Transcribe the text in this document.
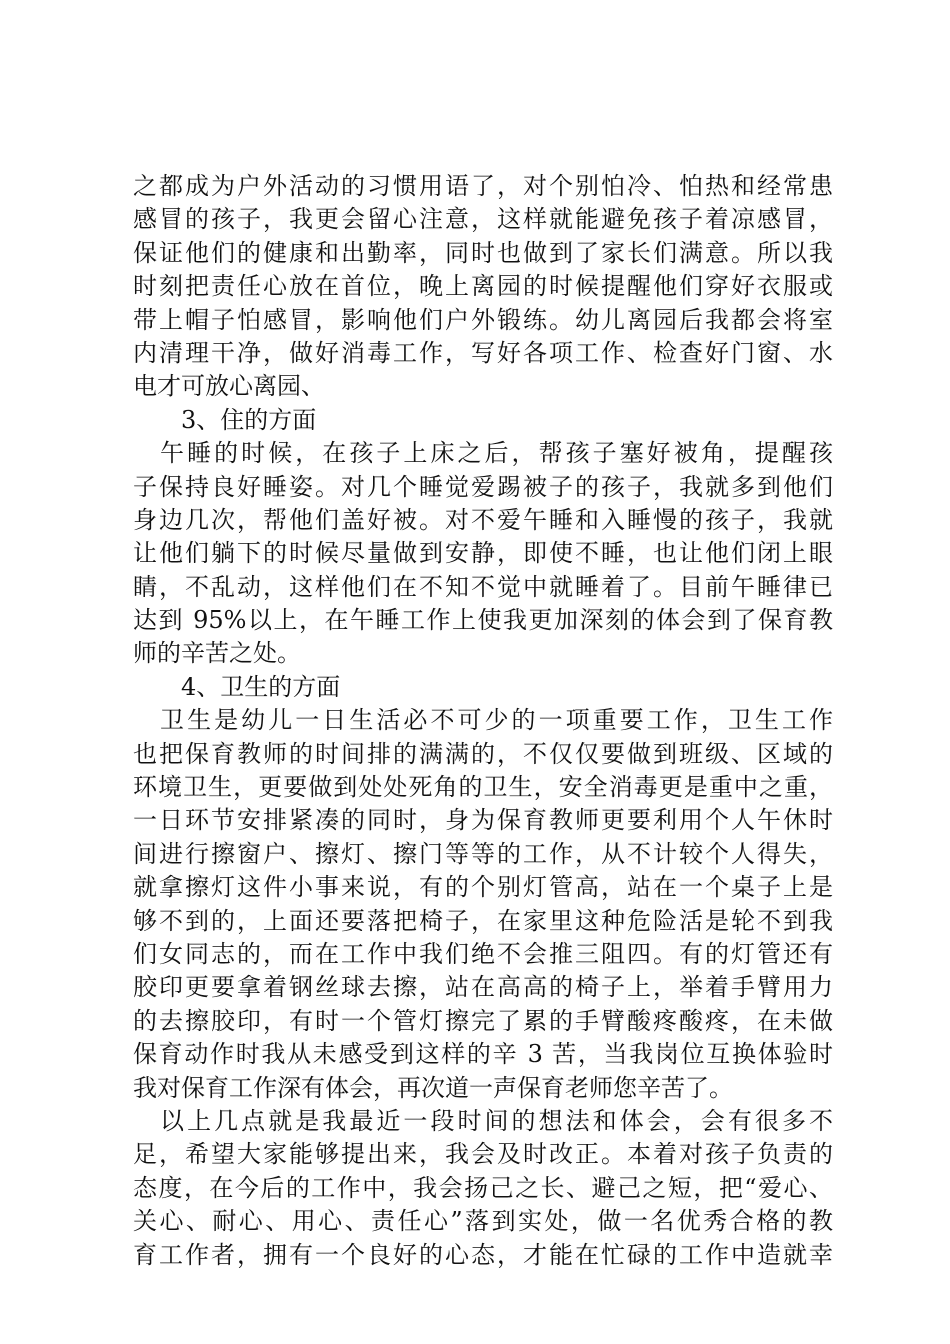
之都成为户外活动的习惯用语了，对个别怕冷、怕热和经常患
感冒的孩子，我更会留心注意，这样就能避免孩子着凉感冒，
保证他们的健康和出勤率，同时也做到了家长们满意。所以我
时刻把责任心放在首位，晚上离园的时候提醒他们穿好衣服或
带上帽子怕感冒，影响他们户外锻练。幼儿离园后我都会将室
内清理干净，做好消毒工作，写好各项工作、检查好门窗、水
电才可放心离园、
3、住的方面
　午睡的时候，在孩子上床之后，帮孩子塞好被角，提醒孩
子保持良好睡姿。对几个睡觉爱踢被子的孩子，我就多到他们
身边几次，帮他们盖好被。对不爱午睡和入睡慢的孩子，我就
让他们躺下的时候尽量做到安静，即使不睡，也让他们闭上眼
睛，不乱动，这样他们在不知不觉中就睡着了。目前午睡律已
达到 95%以上，在午睡工作上使我更加深刻的体会到了保育教
师的辛苦之处。
4、卫生的方面
　卫生是幼儿一日生活必不可少的一项重要工作，卫生工作
也把保育教师的时间排的满满的，不仅仅要做到班级、区域的
环境卫生，更要做到处处死角的卫生，安全消毒更是重中之重，
一日环节安排紧凑的同时，身为保育教师更要利用个人午休时
间进行擦窗户、擦灯、擦门等等的工作，从不计较个人得失，
就拿擦灯这件小事来说，有的个别灯管高，站在一个桌子上是
够不到的，上面还要落把椅子，在家里这种危险活是轮不到我
们女同志的，而在工作中我们绝不会推三阻四。有的灯管还有
胶印更要拿着钢丝球去擦，站在高高的椅子上，举着手臂用力
的去擦胶印，有时一个管灯擦完了累的手臂酸疼酸疼，在未做
保育动作时我从未感受到这样的辛 3 苦，当我岗位互换体验时
我对保育工作深有体会，再次道一声保育老师您辛苦了。
　以上几点就是我最近一段时间的想法和体会，会有很多不
足，希望大家能够提出来，我会及时改正。本着对孩子负责的
态度，在今后的工作中，我会扬己之长、避己之短，把“爱心、
关心、耐心、用心、责任心”落到实处，做一名优秀合格的教
育工作者，拥有一个良好的心态，才能在忙碌的工作中造就幸
